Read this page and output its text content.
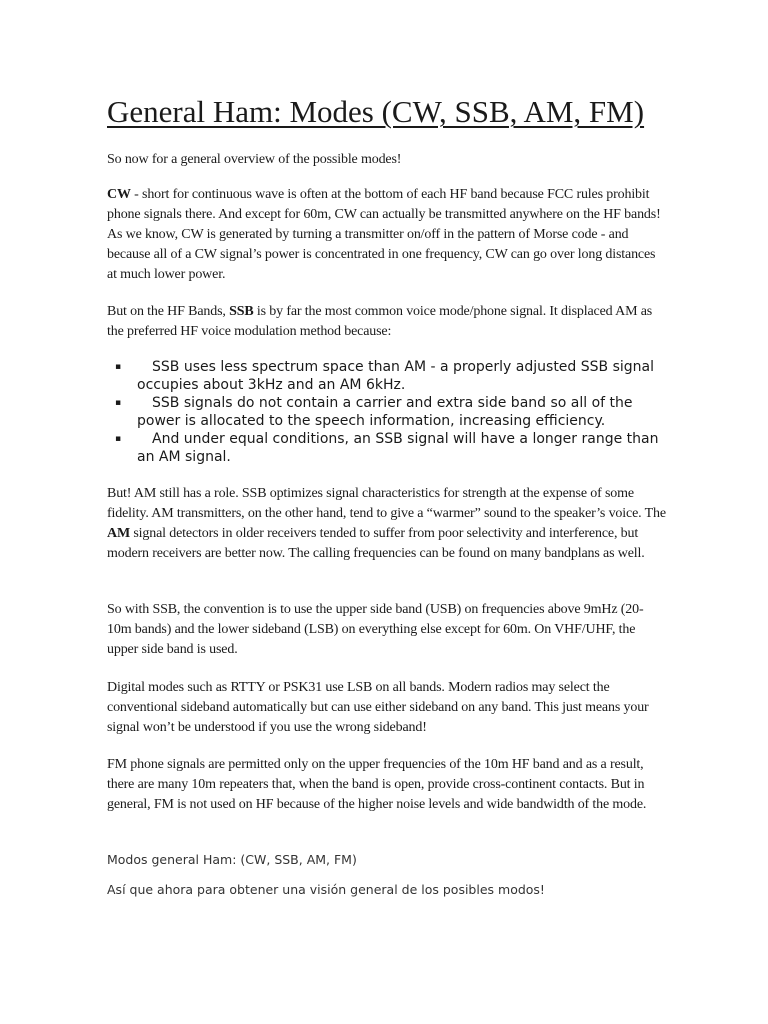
General Ham: Modes (CW, SSB, AM, FM)

So now for a general overview of the possible modes!

CW - short for continuous wave is often at the bottom of each HF band because FCC rules prohibit phone signals there. And except for 60m, CW can actually be transmitted anywhere on the HF bands! As we know, CW is generated by turning a transmitter on/off in the pattern of Morse code - and because all of a CW signal’s power is concentrated in one frequency, CW can go over long distances at much lower power.

But on the HF Bands, SSB is by far the most common voice mode/phone signal. It displaced AM as the preferred HF voice modulation method because:

▪	SSB uses less spectrum space than AM - a properly adjusted SSB signal occupies about 3kHz and an AM 6kHz.
▪	SSB signals do not contain a carrier and extra side band so all of the power is allocated to the speech information, increasing efficiency.
▪	And under equal conditions, an SSB signal will have a longer range than an AM signal.

But! AM still has a role. SSB optimizes signal characteristics for strength at the expense of some fidelity. AM transmitters, on the other hand, tend to give a “warmer” sound to the speaker’s voice. The AM signal detectors in older receivers tended to suffer from poor selectivity and interference, but modern receivers are better now. The calling frequencies can be found on many bandplans as well.

So with SSB, the convention is to use the upper side band (USB) on frequencies above 9mHz (20-10m bands) and the lower sideband (LSB) on everything else except for 60m. On VHF/UHF, the upper side band is used.

Digital modes such as RTTY or PSK31 use LSB on all bands. Modern radios may select the conventional sideband automatically but can use either sideband on any band. This just means your signal won’t be understood if you use the wrong sideband!

FM phone signals are permitted only on the upper frequencies of the 10m HF band and as a result, there are many 10m repeaters that, when the band is open, provide cross-continent contacts. But in general, FM is not used on HF because of the higher noise levels and wide bandwidth of the mode.

Modos general Ham: (CW, SSB, AM, FM)

Así que ahora para obtener una visión general de los posibles modos!
